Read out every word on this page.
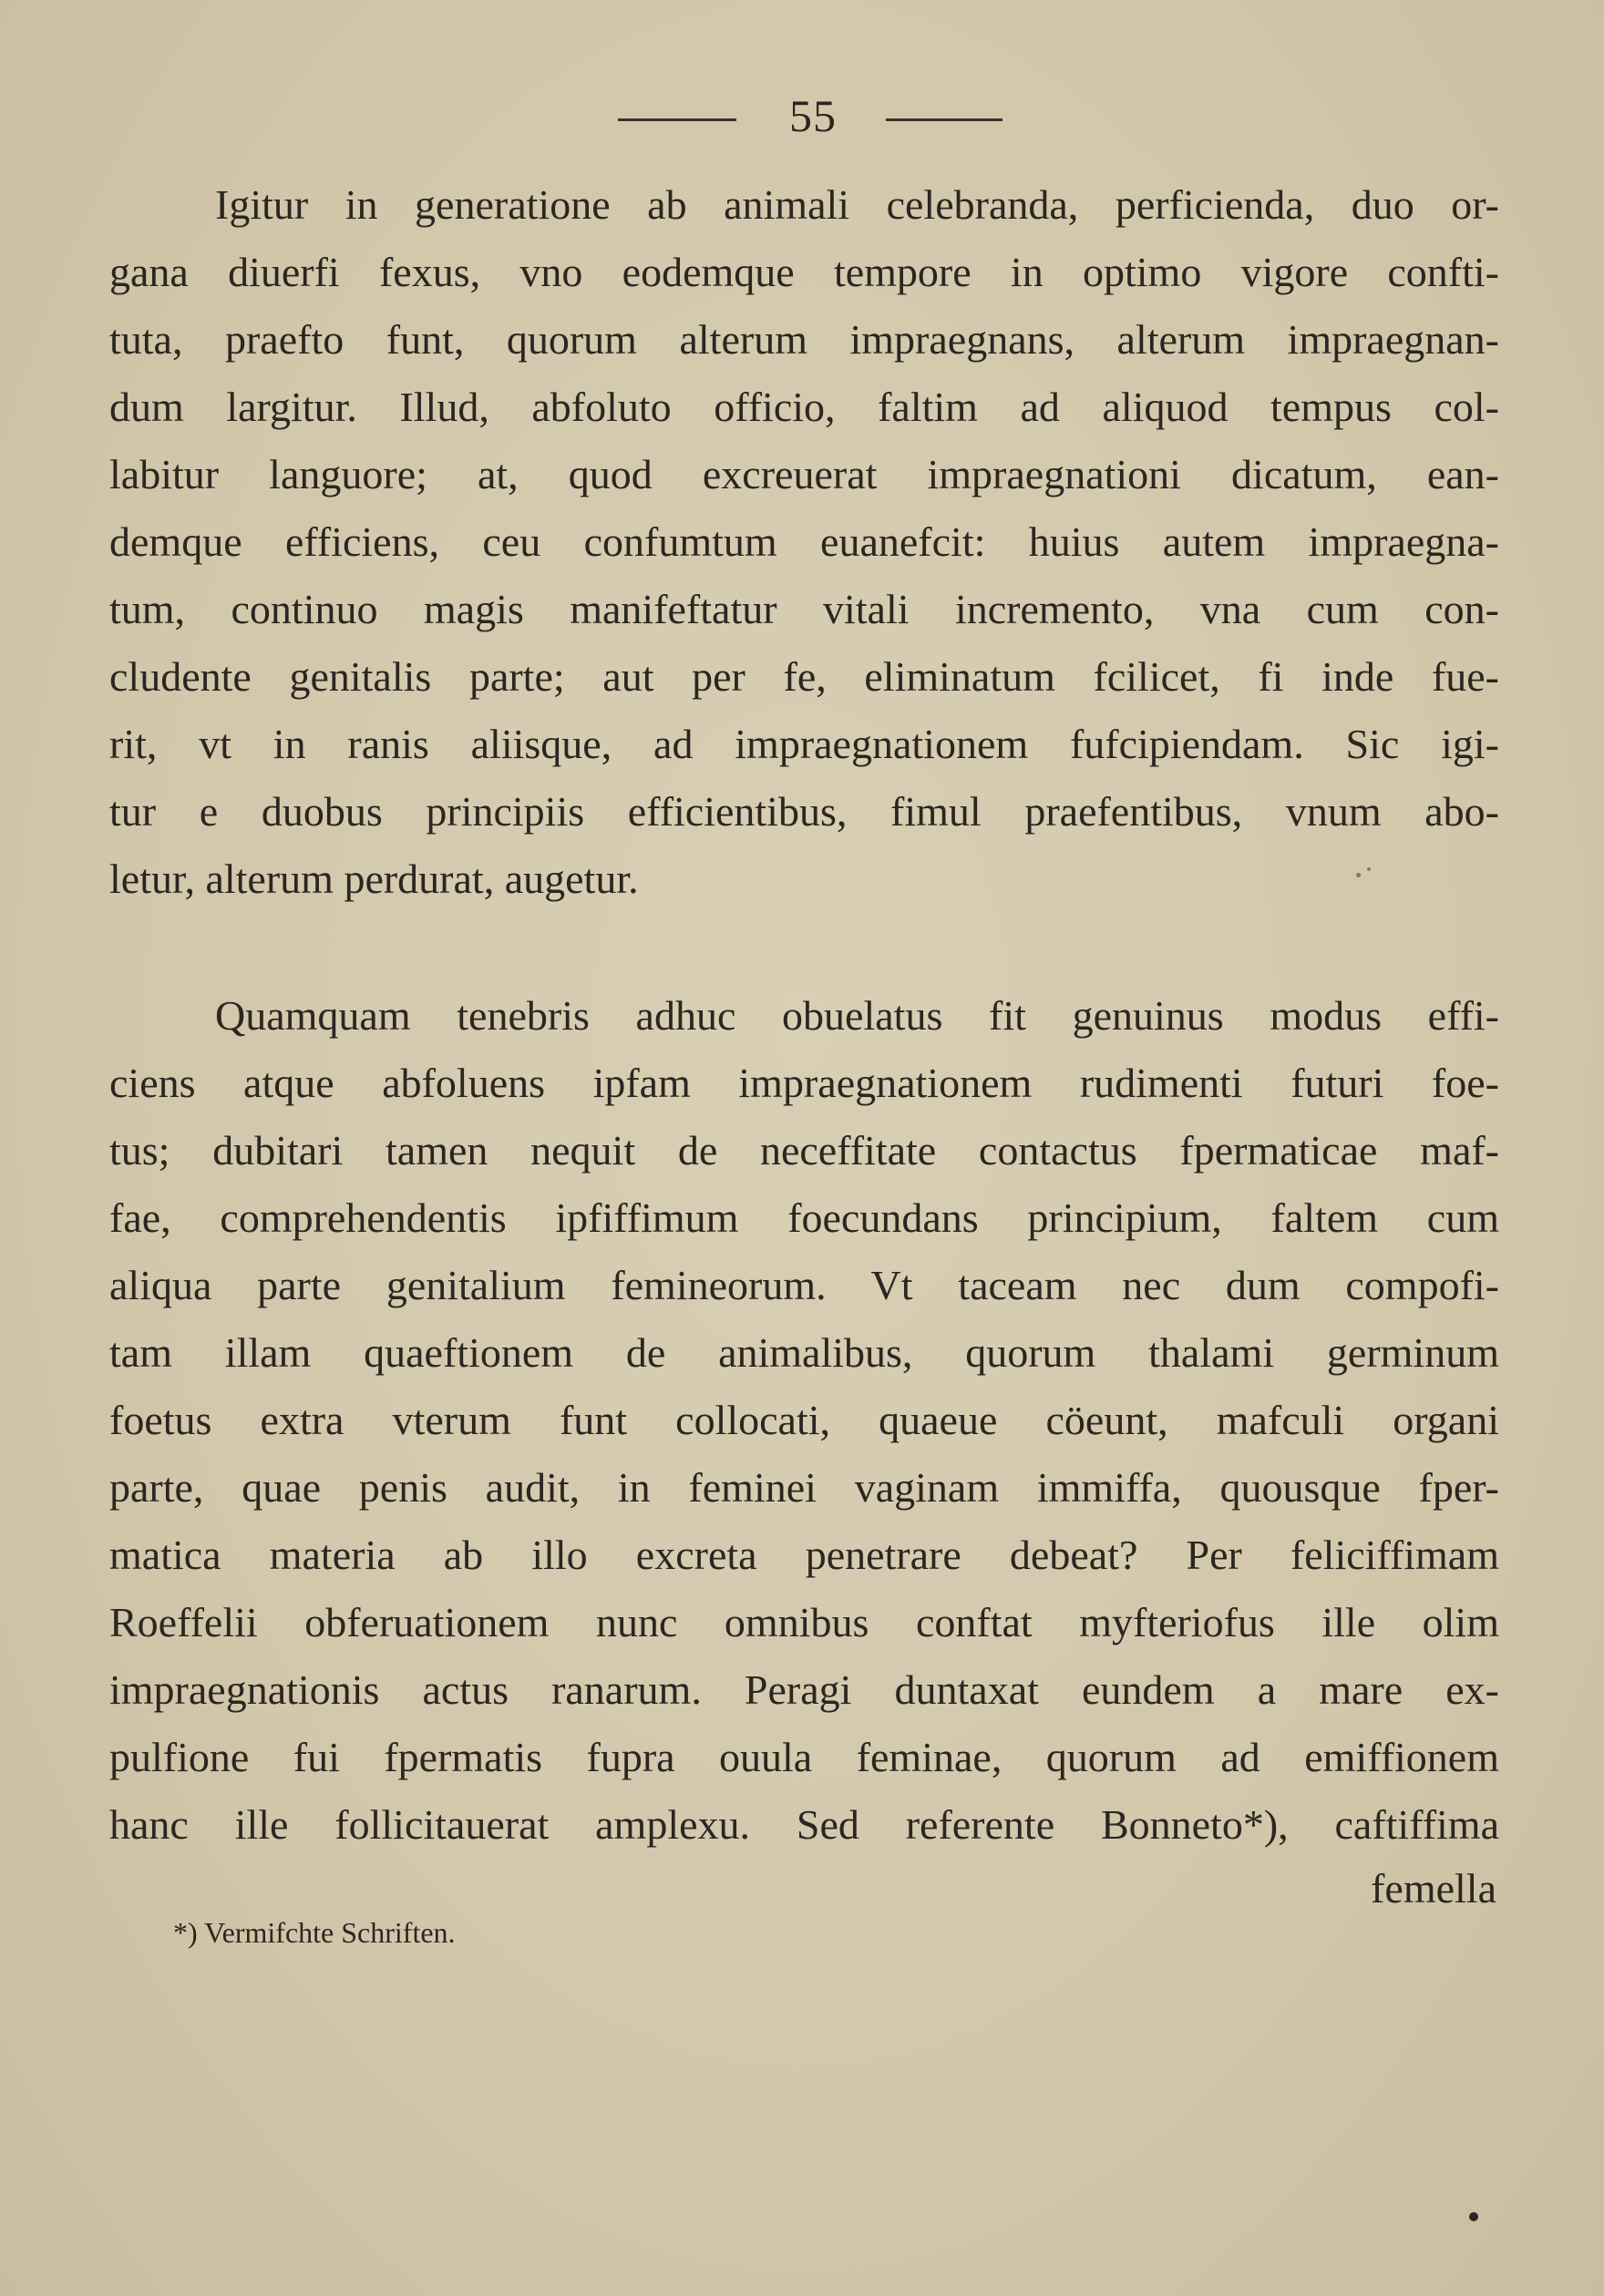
55
Igitur in generatione ab animali celebranda, perficienda, duo or-
gana diuerfi fexus, vno eodemque tempore in optimo vigore confti-
tuta, praefto funt, quorum alterum impraegnans, alterum impraegnan-
dum largitur. Illud, abfoluto officio, faltim ad aliquod tempus col-
labitur languore; at, quod excreuerat impraegnationi dicatum, ean-
demque efficiens, ceu confumtum euanefcit: huius autem impraegna-
tum, continuo magis manifeftatur vitali incremento, vna cum con-
cludente genitalis parte; aut per fe, eliminatum fcilicet, fi inde fue-
rit, vt in ranis aliisque, ad impraegnationem fufcipiendam. Sic igi-
tur e duobus principiis efficientibus, fimul praefentibus, vnum abo-
letur, alterum perdurat, augetur.
Quamquam tenebris adhuc obuelatus fit genuinus modus effi-
ciens atque abfoluens ipfam impraegnationem rudimenti futuri foe-
tus; dubitari tamen nequit de neceffitate contactus fpermaticae maf-
fae, comprehendentis ipfiffimum foecundans principium, faltem cum
aliqua parte genitalium femineorum. Vt taceam nec dum compofi-
tam illam quaeftionem de animalibus, quorum thalami germinum
foetus extra vterum funt collocati, quaeue cöeunt, mafculi organi
parte, quae penis audit, in feminei vaginam immiffa, quousque fper-
matica materia ab illo excreta penetrare debeat? Per feliciffimam
Roeffelii obferuationem nunc omnibus conftat myfteriofus ille olim
impraegnationis actus ranarum. Peragi duntaxat eundem a mare ex-
pulfione fui fpermatis fupra ouula feminae, quorum ad emiffionem
hanc ille follicitauerat amplexu. Sed referente Bonneto*), caftiffima
femella
*) Vermifchte Schriften.
